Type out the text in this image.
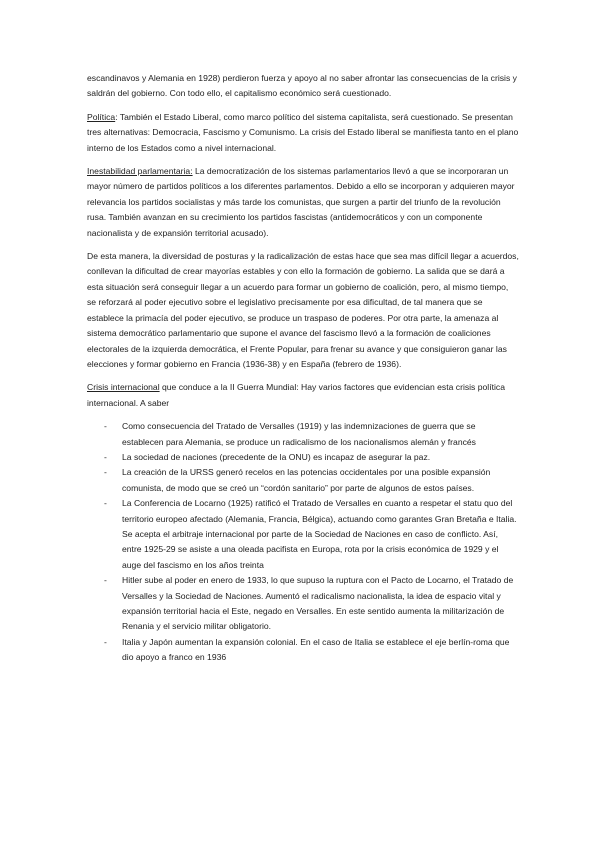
escandinavos y Alemania en 1928) perdieron fuerza y apoyo al no saber afrontar las consecuencias de la crisis y saldrán del gobierno. Con todo ello, el capitalismo económico será cuestionado.

Política: También el Estado Liberal, como marco político del sistema capitalista, será cuestionado. Se presentan tres alternativas: Democracia, Fascismo y Comunismo. La crisis del Estado liberal se manifiesta tanto en el plano interno de los Estados como a nivel internacional.

Inestabilidad parlamentaria: La democratización de los sistemas parlamentarios llevó a que se incorporaran un mayor número de partidos políticos a los diferentes parlamentos. Debido a ello se incorporan y adquieren mayor relevancia los partidos socialistas y más tarde los comunistas, que surgen a partir del triunfo de la revolución rusa. También avanzan en su crecimiento los partidos fascistas (antidemocráticos y con un componente nacionalista y de expansión territorial acusado).

De esta manera, la diversidad de posturas y la radicalización de estas hace que sea mas difícil llegar a acuerdos, conllevan la dificultad de crear mayorías estables y con ello la formación de gobierno. La salida que se dará a esta situación será conseguir llegar a un acuerdo para formar un gobierno de coalición, pero, al mismo tiempo, se reforzará al poder ejecutivo sobre el legislativo precisamente por esa dificultad, de tal manera que se establece la primacía del poder ejecutivo, se produce un traspaso de poderes. Por otra parte, la amenaza al sistema democrático parlamentario que supone el avance del fascismo llevó a la formación de coaliciones electorales de la izquierda democrática, el Frente Popular, para frenar su avance y que consiguieron ganar las elecciones y formar gobierno en Francia (1936-38) y en España (febrero de 1936).

Crisis internacional que conduce a la II Guerra Mundial: Hay varios factores que evidencian esta crisis política internacional. A saber

- Como consecuencia del Tratado de Versalles (1919) y las indemnizaciones de guerra que se establecen para Alemania, se produce un radicalismo de los nacionalismos alemán y francés
- La sociedad de naciones (precedente de la ONU) es incapaz de asegurar la paz.
- La creación de la URSS generó recelos en las potencias occidentales por una posible expansión comunista, de modo que se creó un “cordón sanitario” por parte de algunos de estos países.
- La Conferencia de Locarno (1925) ratificó el Tratado de Versalles en cuanto a respetar el statu quo del territorio europeo afectado (Alemania, Francia, Bélgica), actuando como garantes Gran Bretaña e Italia. Se acepta el arbitraje internacional por parte de la Sociedad de Naciones en caso de conflicto. Así, entre 1925-29 se asiste a una oleada pacifista en Europa, rota por la crisis económica de 1929 y el auge del fascismo en los años treinta
- Hitler sube al poder en enero de 1933, lo que supuso la ruptura con el Pacto de Locarno, el Tratado de Versalles y la Sociedad de Naciones. Aumentó el radicalismo nacionalista, la idea de espacio vital y expansión territorial hacia el Este, negado en Versalles. En este sentido aumenta la militarización de Renania y el servicio militar obligatorio.
- Italia y Japón aumentan la expansión colonial. En el caso de Italia se establece el eje berlín-roma que dio apoyo a franco en 1936
